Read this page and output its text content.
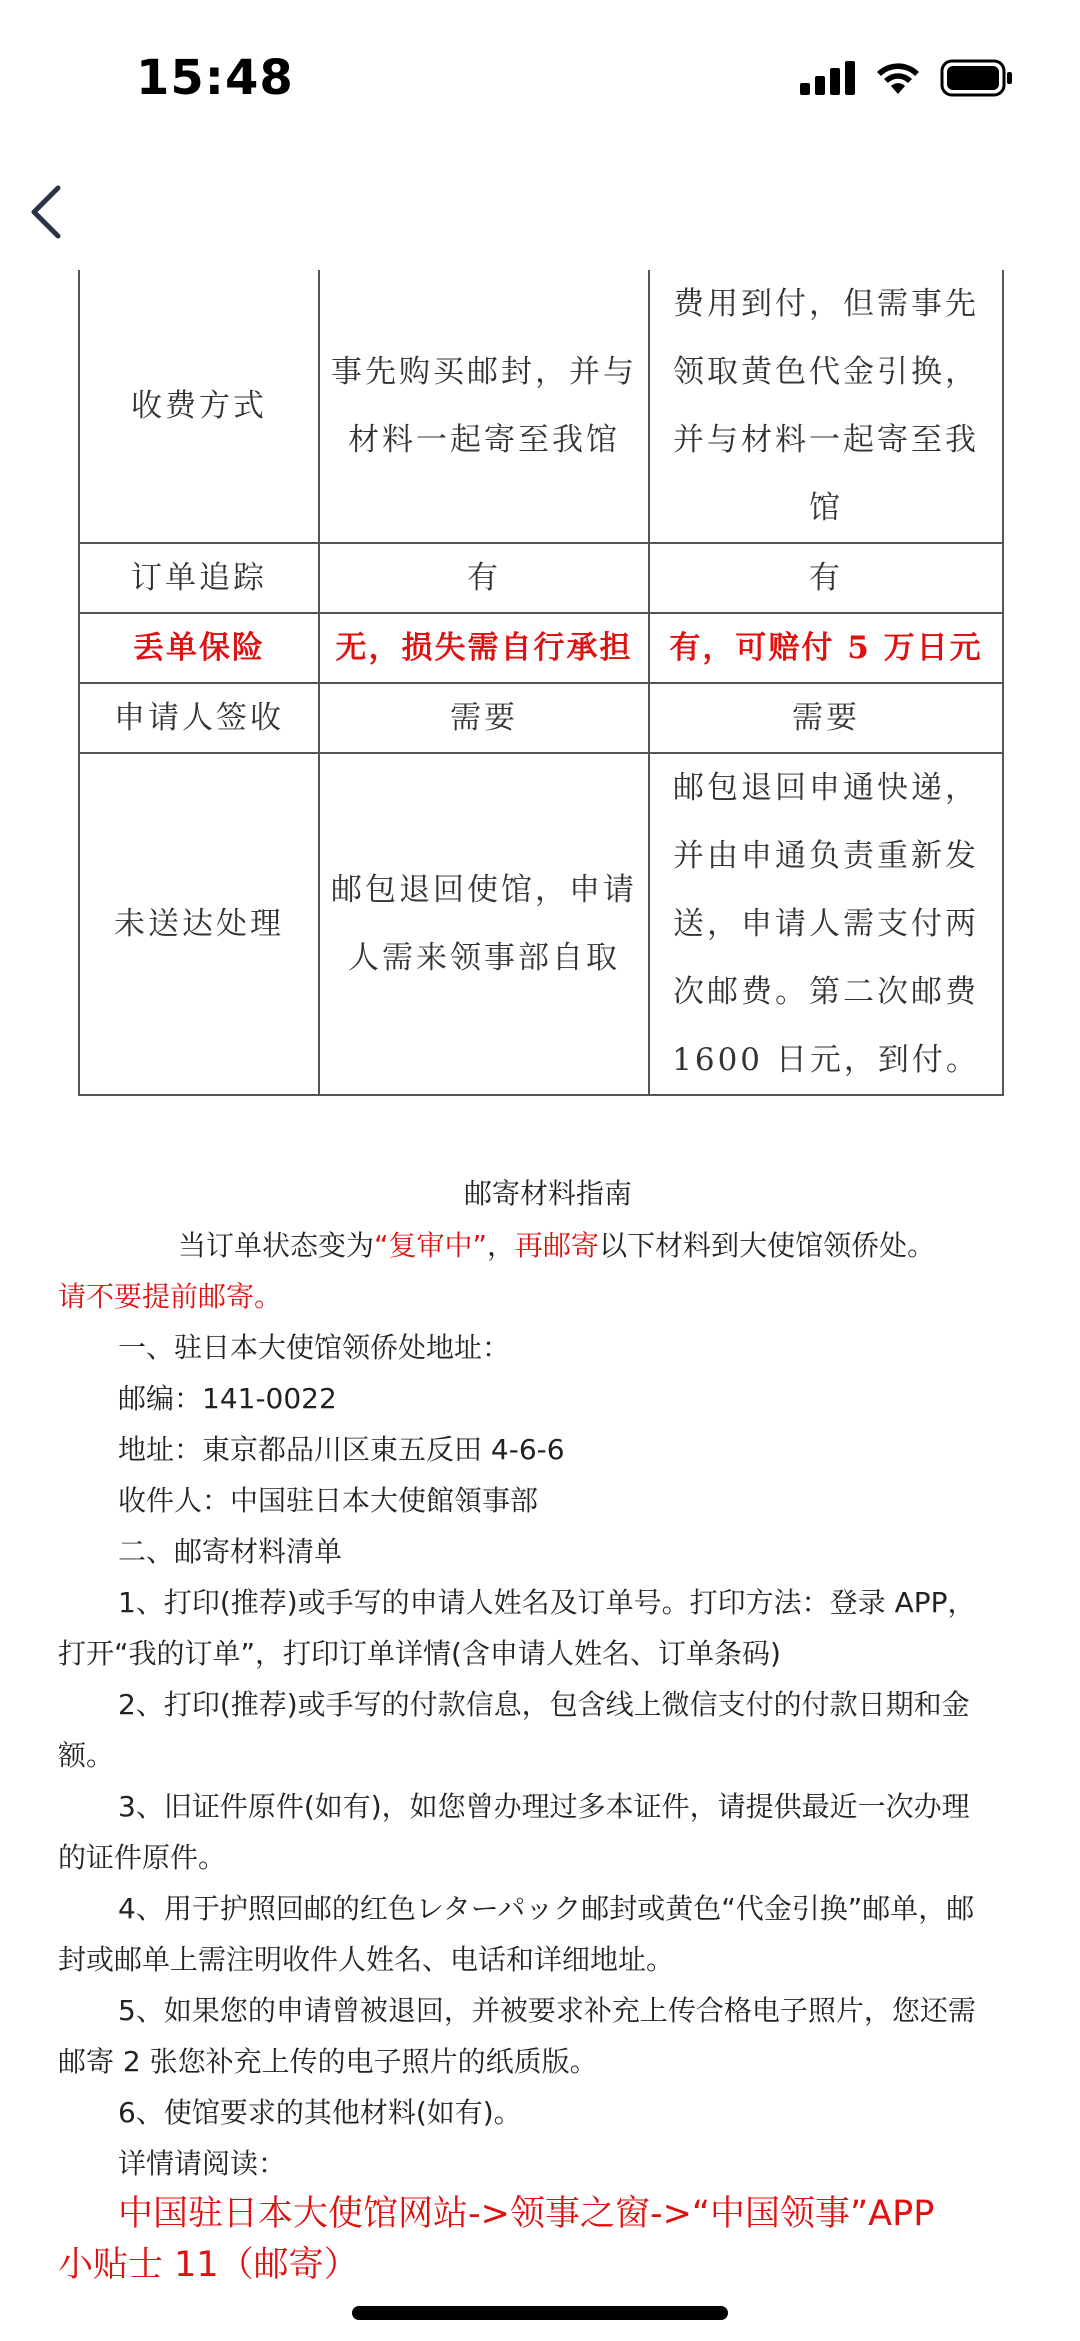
15:48
收费方式	事先购买邮封，并与材料一起寄至我馆	费用到付，但需事先领取黄色代金引换，并与材料一起寄至我馆
订单追踪	有	有
丢单保险	无，损失需自行承担	有，可赔付 5 万日元
申请人签收	需要	需要
未送达处理	邮包退回使馆，申请人需来领事部自取	邮包退回申通快递，并由申通负责重新发送，申请人需支付两次邮费。第二次邮费 1600 日元，到付。
邮寄材料指南

当订单状态变为“复审中”，再邮寄以下材料到大使馆领侨处。

请不要提前邮寄。

一、驻日本大使馆领侨处地址：

邮编：141-0022

地址：東京都品川区東五反田 4-6-6

收件人：中国驻日本大使館領事部

二、邮寄材料清单

1、打印(推荐)或手写的申请人姓名及订单号。打印方法：登录 APP，打开“我的订单”，打印订单详情(含申请人姓名、订单条码)

2、打印(推荐)或手写的付款信息，包含线上微信支付的付款日期和金额。

3、旧证件原件(如有)，如您曾办理过多本证件，请提供最近一次办理的证件原件。

4、用于护照回邮的红色レターパック邮封或黄色“代金引换”邮单，邮封或邮单上需注明收件人姓名、电话和详细地址。

5、如果您的申请曾被退回，并被要求补充上传合格电子照片，您还需邮寄 2 张您补充上传的电子照片的纸质版。

6、使馆要求的其他材料(如有)。

详情请阅读：

中国驻日本大使馆网站->领事之窗->“中国领事”APP 小贴士 11（邮寄）
